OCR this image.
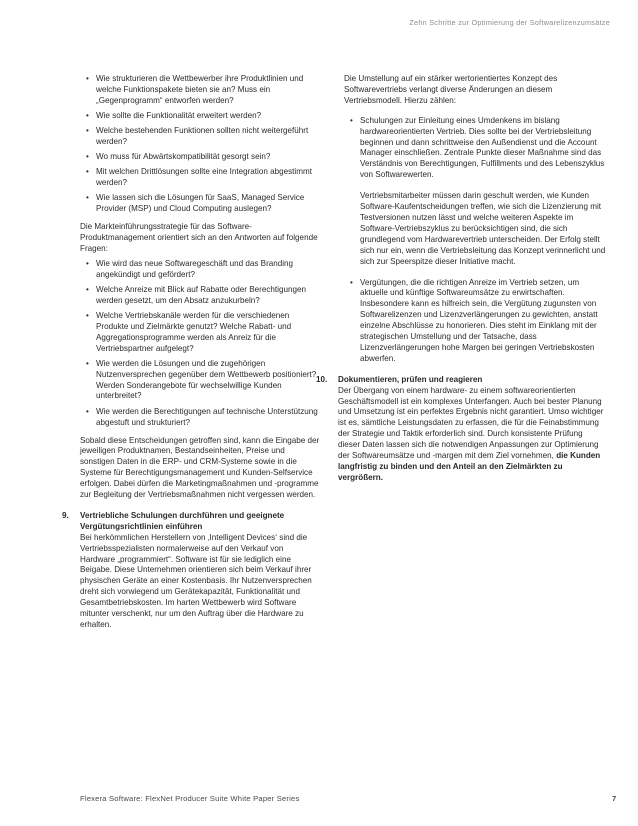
Zehn Schritte zur Optimierung der Softwarelizenzumsätze
• Wie strukturieren die Wettbewerber ihre Produktlinien und welche Funktionspakete bieten sie an? Muss ein „Gegenprogramm“ entworfen werden?
• Wie sollte die Funktionalität erweitert werden?
• Welche bestehenden Funktionen sollten nicht weitergeführt werden?
• Wo muss für Abwärtskompatibilität gesorgt sein?
• Mit welchen Drittlösungen sollte eine Integration abgestimmt werden?
• Wie lassen sich die Lösungen für SaaS, Managed Service Provider (MSP) und Cloud Computing auslegen?

Die Markteinführungsstrategie für das Software-Produktmanagement orientiert sich an den Antworten auf folgende Fragen:

• Wie wird das neue Softwaregeschäft und das Branding angekündigt und gefördert?
• Welche Anreize mit Blick auf Rabatte oder Berechtigungen werden gesetzt, um den Absatz anzukurbeln?
• Welche Vertriebskanäle werden für die verschiedenen Produkte und Zielmärkte genutzt? Welche Rabatt- und Aggregationsprogramme werden als Anreiz für die Vertriebspartner aufgelegt?
• Wie werden die Lösungen und die zugehörigen Nutzenversprechen gegenüber dem Wettbewerb positioniert? Werden Sonderangebote für wechselwillige Kunden unterbreitet?
• Wie werden die Berechtigungen auf technische Unterstützung abgestuft und strukturiert?

Sobald diese Entscheidungen getroffen sind, kann die Eingabe der jeweiligen Produktnamen, Bestandseinheiten, Preise und sonstigen Daten in die ERP- und CRM-Systeme sowie in die Systeme für Berechtigungsmanagement und Kunden-Selfservice erfolgen. Dabei dürfen die Marketingmaßnahmen und -programme zur Begleitung der Vertriebsmaßnahmen nicht vergessen werden.

9. Vertriebliche Schulungen durchführen und geeignete Vergütungsrichtlinien einführen

Bei herkömmlichen Herstellern von ‚Intelligent Devices‘ sind die Vertriebsspezialisten normalerweise auf den Verkauf von Hardware „programmiert“. Software ist für sie lediglich eine Beigabe. Diese Unternehmen orientieren sich beim Verkauf ihrer physischen Geräte an einer Kostenbasis. Ihr Nutzenversprechen dreht sich vorwiegend um Gerätekapazität, Funktionalität und Gesamtbetriebskosten. Im harten Wettbewerb wird Software mitunter verschenkt, nur um den Auftrag über die Hardware zu erhalten.

Die Umstellung auf ein stärker wertorientiertes Konzept des Softwarevertriebs verlangt diverse Änderungen an diesem Vertriebsmodell. Hierzu zählen:

• Schulungen zur Einleitung eines Umdenkens im bislang hardwareorientierten Vertrieb. Dies sollte bei der Vertriebsleitung beginnen und dann schrittweise den Außendienst und die Account Manager einschließen. Zentrale Punkte dieser Maßnahme sind das Verständnis von Berechtigungen, Fulfillments und des Lebenszyklus von Softwarewerten.

Vertriebsmitarbeiter müssen darin geschult werden, wie Kunden Software-Kaufentscheidungen treffen, wie sich die Lizenzierung mit Testversionen nutzen lässt und welche weiteren Aspekte im Software-Vertriebszyklus zu berücksichtigen sind, die sich grundlegend vom Hardwarevertrieb unterscheiden. Der Erfolg stellt sich nur ein, wenn die Vertriebsleitung das Konzept verinnerlicht und sich zur Speerspitze dieser Initiative macht.

• Vergütungen, die die richtigen Anreize im Vertrieb setzen, um aktuelle und künftige Softwareumsätze zu erwirtschaften. Insbesondere kann es hilfreich sein, die Vergütung zugunsten von Softwarelizenzen und Lizenzverlängerungen zu gewichten, anstatt einzelne Abschlüsse zu honorieren. Dies steht im Einklang mit der strategischen Umstellung und der Tatsache, dass Lizenzverlängerungen hohe Margen bei geringen Vertriebskosten abwerfen.

10. Dokumentieren, prüfen und reagieren

Der Übergang von einem hardware- zu einem softwareorientierten Geschäftsmodell ist ein komplexes Unterfangen. Auch bei bester Planung und Umsetzung ist ein perfektes Ergebnis nicht garantiert. Umso wichtiger ist es, sämtliche Leistungsdaten zu erfassen, die für die Feinabstimmung der Strategie und Taktik erforderlich sind. Durch konsistente Prüfung dieser Daten lassen sich die notwendigen Anpassungen zur Optimierung der Softwareumsätze und -margen mit dem Ziel vornehmen, die Kunden langfristig zu binden und den Anteil an den Zielmärkten zu vergrößern.

Flexera Software: FlexNet Producer Suite White Paper Series	7
